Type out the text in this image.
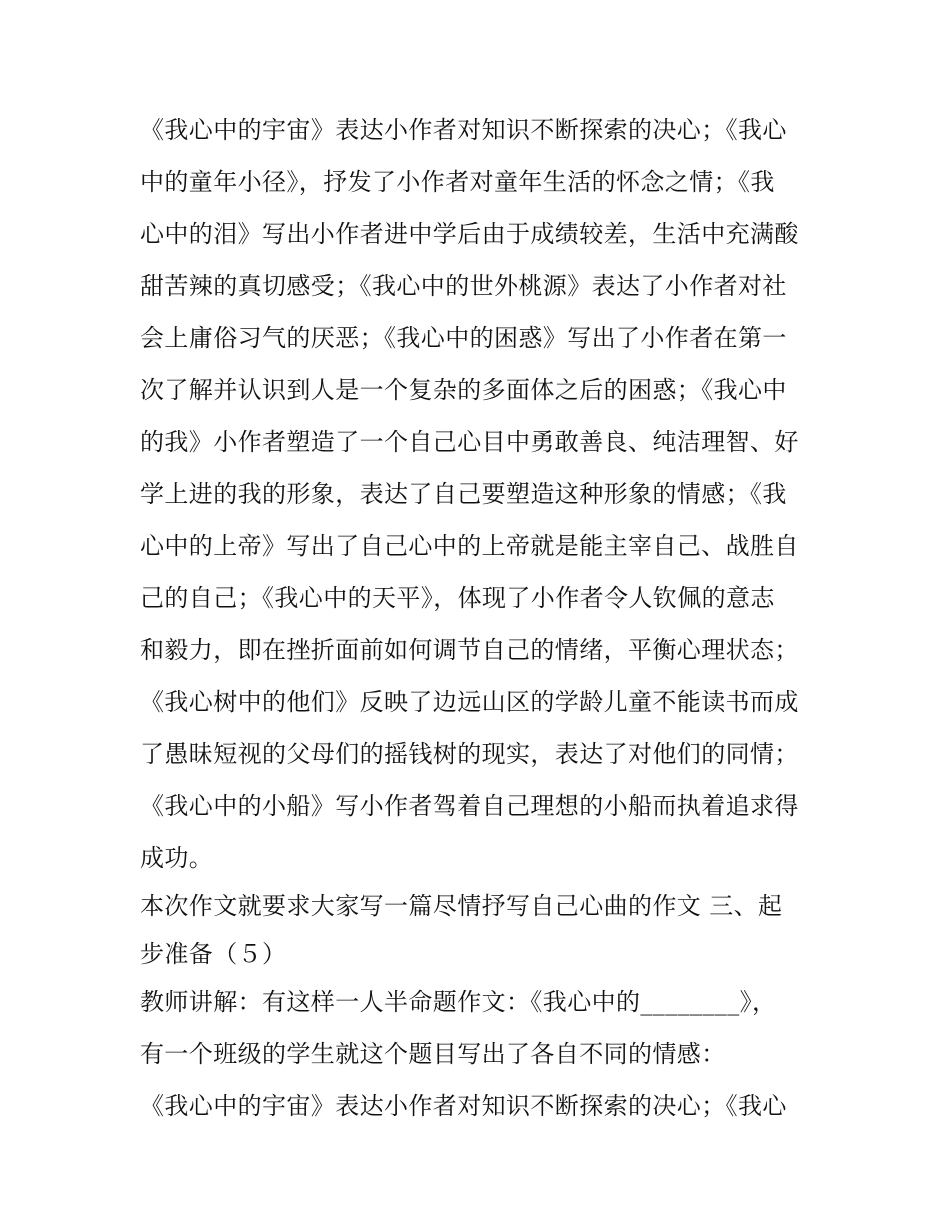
《我心中的宇宙》表达小作者对知识不断探索的决心；《我心
中的童年小径》，抒发了小作者对童年生活的怀念之情；《我
心中的泪》写出小作者进中学后由于成绩较差，生活中充满酸
甜苦辣的真切感受；《我心中的世外桃源》表达了小作者对社
会上庸俗习气的厌恶；《我心中的困惑》写出了小作者在第一
次了解并认识到人是一个复杂的多面体之后的困惑；《我心中
的我》小作者塑造了一个自己心目中勇敢善良、纯洁理智、好
学上进的我的形象，表达了自己要塑造这种形象的情感；《我
心中的上帝》写出了自己心中的上帝就是能主宰自己、战胜自
己的自己；《我心中的天平》，体现了小作者令人钦佩的意志
和毅力，即在挫折面前如何调节自己的情绪，平衡心理状态；
《我心树中的他们》反映了边远山区的学龄儿童不能读书而成
了愚昧短视的父母们的摇钱树的现实，表达了对他们的同情；
《我心中的小船》写小作者驾着自己理想的小船而执着追求得
成功。
本次作文就要求大家写一篇尽情抒写自己心曲的作文 三、起
步准备（５）
教师讲解：有这样一人半命题作文：《我心中的________》，
有一个班级的学生就这个题目写出了各自不同的情感：
《我心中的宇宙》表达小作者对知识不断探索的决心；《我心
